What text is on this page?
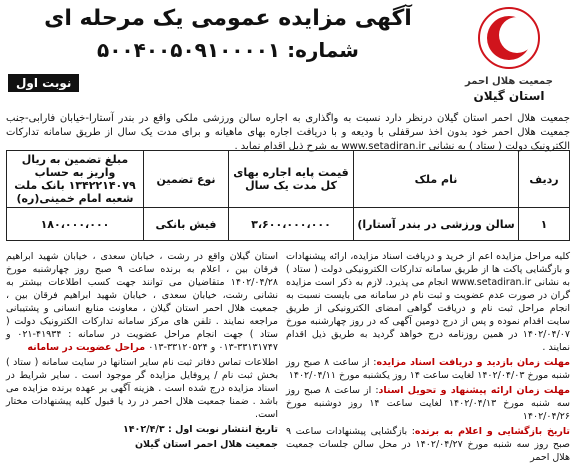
جمعیت هلال احمر
استان گیلان
آگهی مزایده عمومی یک مرحله ای
شماره: ۵۰۰۴۰۰۵۰۹۱۰۰۰۰۱
نوبت اول
جمعیت هلال احمر استان گیلان درنظر دارد نسبت به واگذاری به اجاره سالن ورزشی ملکی واقع در بندر آستارا-خیابان فارابی-جنب جمعیت هلال احمر خود بدون اخذ سرقفلی با ودیعه و با دریافت اجاره بهای ماهیانه و برای مدت یک سال از طریق سامانه تدارکات الکترونیک دولت ( ستاد ) به نشانی www.setadiran.ir به شرح ذیل اقدام نماید .
ردیف	نام ملک	قیمت پایه اجاره بهای کل مدت یک سال	نوع تضمین	مبلغ تضمین به ریال واریز به حساب ۱۳۴۲۲۱۴۰۷۹ بانک ملت شعبه امام خمینی(ره)
۱	سالن ورزشی در بندر آستارا)	۳،۶۰۰،۰۰۰،۰۰۰	فیش بانکی	۱۸۰،۰۰۰،۰۰۰

کلیه مراحل مزایده اعم از خرید و دریافت اسناد مزایده، ارائه پیشنهادات و بازگشایی پاکت ها از طریق سامانه تدارکات الکترونیکی دولت ( ستاد ) به نشانی www.setadiran.ir انجام می پذیرد. لازم به ذکر است مزایده گران در صورت عدم عضویت و ثبت نام در سامانه می بایست نسبت به انجام مراحل ثبت نام و دریافت گواهی امضای الکترونیکی از طریق سایت اقدام نموده و پس از درج دومین آگهی که در روز چهارشنبه مورخ ۱۴۰۲/۰۴/۰۷ در همین روزنامه درج خواهد گردید به طریق ذیل اقدام نمایند .

مهلت زمان بازدید و دریافت اسناد مزایده: از ساعت ۸ صبح روز شنبه مورخ ۱۴۰۲/۰۴/۰۳ لغایت ساعت ۱۴ روز یکشنبه مورخ ۱۴۰۲/۰۴/۱۱

مهلت زمان ارائه پیشنهاد و تحویل اسناد: از ساعت ۸ صبح روز سه شنبه مورخ ۱۴۰۲/۰۴/۱۳ لغایت ساعت ۱۴ روز دوشنبه مورخ ۱۴۰۲/۰۴/۲۶

تاریخ بازگشایی و اعلام به برنده: بازگشایی پیشنهادات ساعت ۹ صبح روز سه شنبه مورخ ۱۴۰۲/۰۴/۲۷ در محل سالن جلسات جمعیت هلال احمر

استان گیلان واقع در رشت ، خیابان سعدی ، خیابان شهید ابراهیم فرقان بین ، اعلام به برنده ساعت ۹ صبح روز چهارشنبه مورخ ۱۴۰۲/۰۴/۲۸ متقاضیان می توانند جهت کسب اطلاعات بیشتر به نشانی رشت، خیابان سعدی ، خیابان شهید ابراهیم فرقان بین ، جمعیت هلال احمر استان گیلان ، معاونت منابع انسانی و پشتیبانی مراجعه نمایند . تلفن های مرکز سامانه تدارکات الکترونیک دولت ( ستاد ) جهت انجام مراحل عضویت در سامانه : ۴۱۹۳۴-۰۲۱ و ۳۳۱۳۱۷۴۷-۰۱۳ و ۳۳۱۲۰۵۲۴-۰۱۳ مراحل عضویت در سامانه

اطلاعات تماس دفاتر ثبت نام سایر استانها در سایت سامانه ( ستاد ) بخش ثبت نام / پروفایل مزایده گر موجود است . سایر شرایط در اسناد مزایده درج شده است . هزینه آگهی بر عهده برنده مزایده می باشد . ضمنا جمعیت هلال احمر در رد یا قبول کلیه پیشنهادات مختار است.

تاریخ انتشار نوبت اول : ۱۴۰۲/۴/۳

جمعیت هلال احمر استان گیلان
